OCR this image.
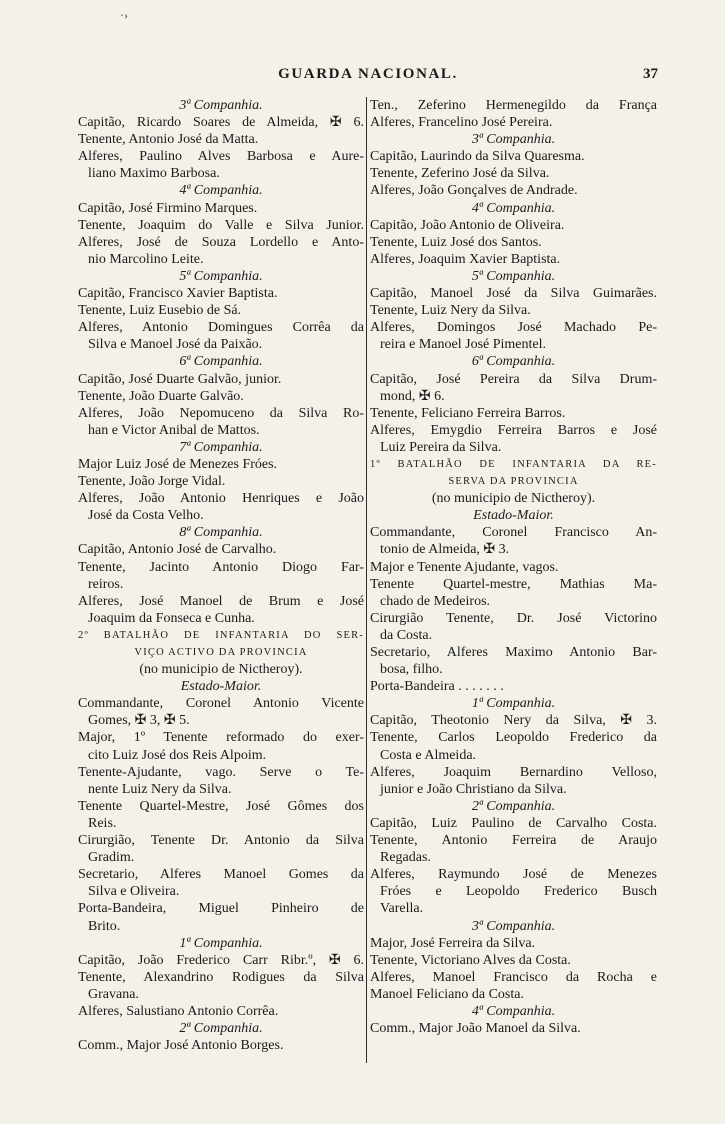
GUARDA NACIONAL.	37
·›
3ª Companhia.
Capitão, Ricardo Soares de Almeida, ✠ 6.
Tenente, Antonio José da Matta.
Alferes, Paulino Alves Barbosa e Aure-
liano Maximo Barbosa.
4ª Companhia.
Capitão, José Firmino Marques.
Tenente, Joaquim do Valle e Silva Junior.
Alferes, José de Souza Lordello e Anto-
nio Marcolino Leite.
5ª Companhia.
Capitão, Francisco Xavier Baptista.
Tenente, Luiz Eusebio de Sá.
Alferes, Antonio Domingues Corrêa da
Silva e Manoel José da Paixão.
6ª Companhia.
Capitão, José Duarte Galvão, junior.
Tenente, João Duarte Galvão.
Alferes, João Nepomuceno da Silva Ro-
han e Victor Anibal de Mattos.
7ª Companhia.
Major Luiz José de Menezes Fróes.
Tenente, João Jorge Vidal.
Alferes, João Antonio Henriques e João
José da Costa Velho.
8ª Companhia.
Capitão, Antonio José de Carvalho.
Tenente, Jacinto Antonio Diogo Far-
reiros.
Alferes, José Manoel de Brum e José
Joaquim da Fonseca e Cunha.
2º BATALHÃO DE INFANTARIA DO SER-
VIÇO ACTIVO DA PROVINCIA
(no municipio de Nictheroy).
Estado-Maior.
Commandante, Coronel Antonio Vicente
Gomes, ✠ 3, ✠ 5.
Major, 1º Tenente reformado do exer-
cito Luiz José dos Reis Alpoim.
Tenente-Ajudante, vago. Serve o Te-
nente Luiz Nery da Silva.
Tenente Quartel-Mestre, José Gômes dos
Reis.
Cirurgião, Tenente Dr. Antonio da Silva
Gradim.
Secretario, Alferes Manoel Gomes da
Silva e Oliveira.
Porta-Bandeira, Miguel Pinheiro de
Brito.
1ª Companhia.
Capitão, João Frederico Carr Ribr.º, ✠ 6.
Tenente, Alexandrino Rodigues da Silva
Gravana.
Alferes, Salustiano Antonio Corrêa.
2ª Companhia.
Comm., Major José Antonio Borges.
Ten., Zeferino Hermenegildo da França
Alferes, Francelino José Pereira.
3ª Companhia.
Capitão, Laurindo da Silva Quaresma.
Tenente, Zeferino José da Silva.
Alferes, João Gonçalves de Andrade.
4ª Companhia.
Capitão, João Antonio de Oliveira.
Tenente, Luiz José dos Santos.
Alferes, Joaquim Xavier Baptista.
5ª Companhia.
Capitão, Manoel José da Silva Guimarães.
Tenente, Luiz Nery da Silva.
Alferes, Domingos José Machado Pe-
reira e Manoel José Pimentel.
6ª Companhia.
Capitão, José Pereira da Silva Drum-
mond, ✠ 6.
Tenente, Feliciano Ferreira Barros.
Alferes, Emygdio Ferreira Barros e José
Luiz Pereira da Silva.
1º BATALHÃO DE INFANTARIA DA RE-
SERVA DA PROVINCIA
(no municipio de Nictheroy).
Estado-Maior.
Commandante, Coronel Francisco An-
tonio de Almeida, ✠ 3.
Major e Tenente Ajudante, vagos.
Tenente Quartel-mestre, Mathias Ma-
chado de Medeiros.
Cirurgião Tenente, Dr. José Victorino
da Costa.
Secretario, Alferes Maximo Antonio Bar-
bosa, filho.
Porta-Bandeira . . . . . . .
1ª Companhia.
Capitão, Theotonio Nery da Silva, ✠ 3.
Tenente, Carlos Leopoldo Frederico da
Costa e Almeida.
Alferes, Joaquim Bernardino Velloso,
junior e João Christiano da Silva.
2ª Companhia.
Capitão, Luiz Paulino de Carvalho Costa.
Tenente, Antonio Ferreira de Araujo
Regadas.
Alferes, Raymundo José de Menezes
Fróes e Leopoldo Frederico Busch
Varella.
3ª Companhia.
Major, José Ferreira da Silva.
Tenente, Victoriano Alves da Costa.
Alferes, Manoel Francisco da Rocha e
Manoel Feliciano da Costa.
4ª Companhia.
Comm., Major João Manoel da Silva.
